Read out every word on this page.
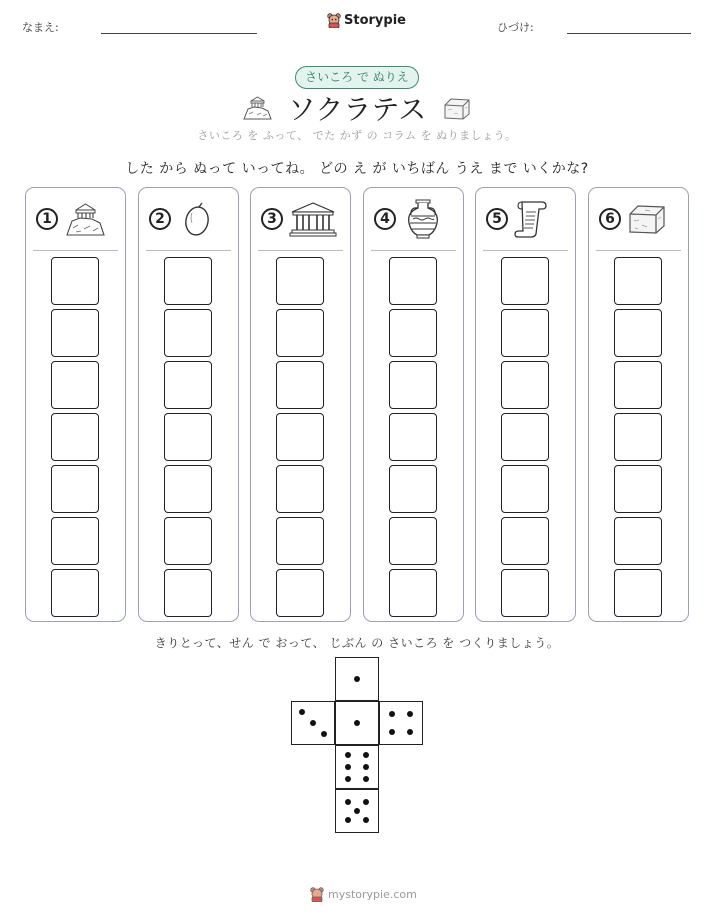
なまえ:	Storypie	ひづけ:
さいころ で ぬりえ
ソクラテス
さいころ を ふって、 でた かず の コラム を ぬりましょう。
した から ぬって いってね。 どの え が いちばん うえ まで いくかな?
1	2	3	4	5	6
きりとって、せん で おって、 じぶん の さいころ を つくりましょう。
mystorypie.com
